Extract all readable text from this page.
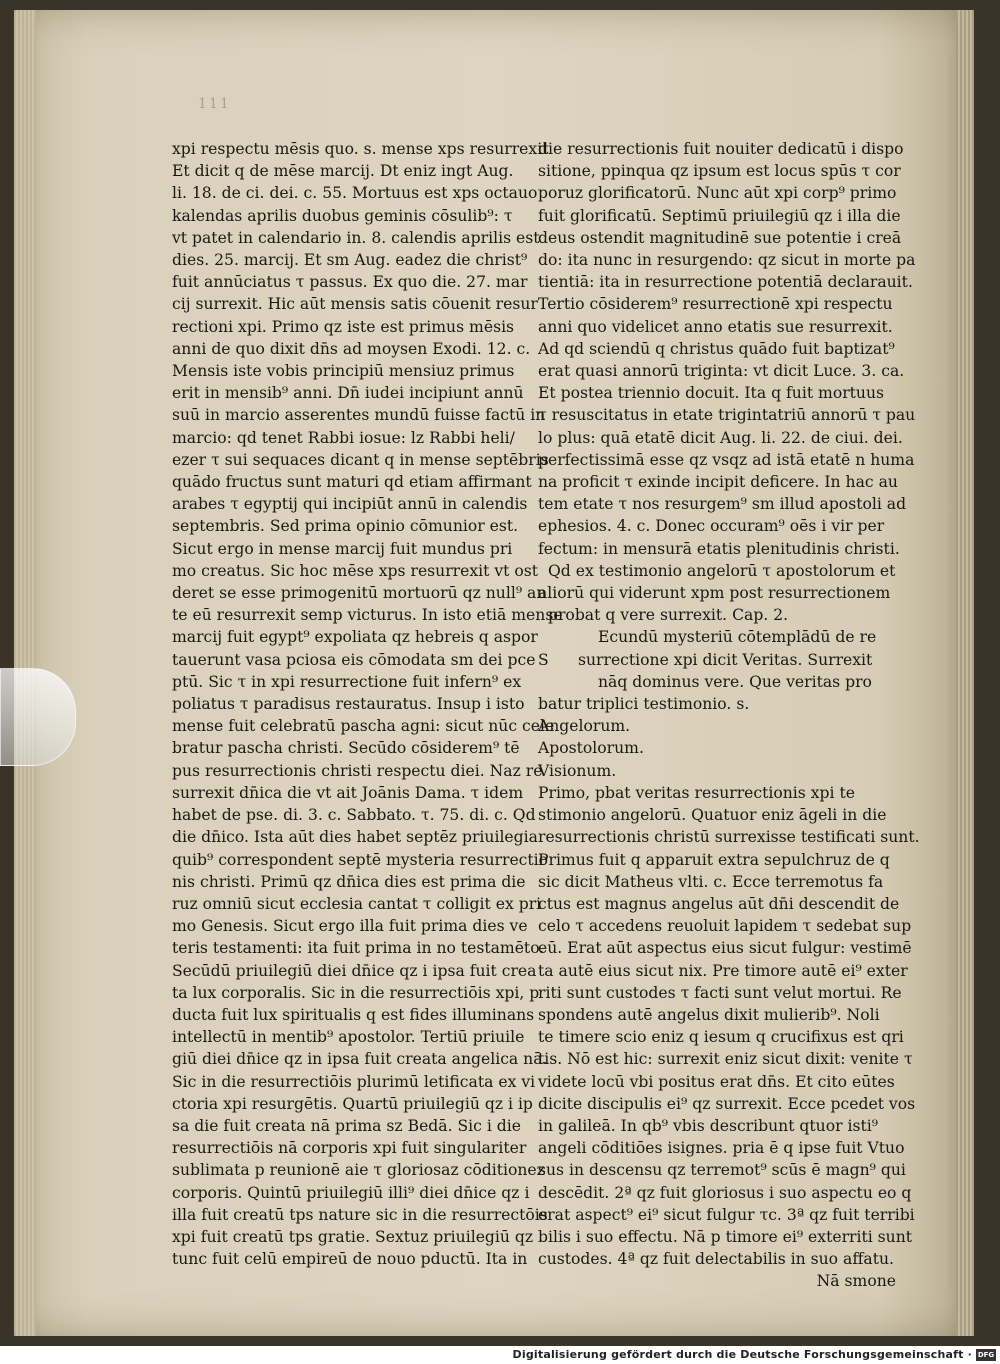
111
xpi respectu mēsis quo. s. mense xps resurrexit
Et dicit q de mēse marcij. Dt eniz ingt Aug.
li. 18. de ci. dei. c. 55. Mortuus est xps octauo
kalendas aprilis duobus geminis cōsulib⁹: τ
vt patet in calendario in. 8. calendis aprilis est
dies. 25. marcij. Et sm Aug. eadez die christ⁹
fuit annūciatus τ passus. Ex quo die. 27. mar
cij surrexit. Hic aūt mensis satis cōuenit resur
rectioni xpi. Primo qz iste est primus mēsis
anni de quo dixit dn̄s ad moysen Exodi. 12. c.
Mensis iste vobis principiū mensiuz primus
erit in mensib⁹ anni. Dn̄ iudei incipiunt annū
suū in marcio asserentes mundū fuisse factū in
marcio: qd tenet Rabbi iosue: lz Rabbi heli/
ezer τ sui sequaces dicant q in mense septēbris
quādo fructus sunt maturi qd etiam affirmant
arabes τ egyptij qui incipiūt annū in calendis
septembris. Sed prima opinio cōmunior est.
Sicut ergo in mense marcij fuit mundus pri
mo creatus. Sic hoc mēse xps resurrexit vt ost
deret se esse primogenitū mortuorū qz null⁹ an
te eū resurrexit semp victurus. In isto etiā mense
marcij fuit egypt⁹ expoliata qz hebreis q aspor
tauerunt vasa pciosa eis cōmodata sm dei pce
ptū. Sic τ in xpi resurrectione fuit infern⁹ ex
poliatus τ paradisus restauratus. Insup i isto
mense fuit celebratū pascha agni: sicut nūc cele
bratur pascha christi. Secūdo cōsiderem⁹ tē
pus resurrectionis christi respectu diei. Naz re
surrexit dn̄ica die vt ait Joānis Dama. τ idem
habet de pse. di. 3. c. Sabbato. τ. 75. di. c. Qd
die dn̄ico. Ista aūt dies habet septēz priuilegia
quib⁹ correspondent septē mysteria resurrectio
nis christi. Primū qz dn̄ica dies est prima die
ruz omniū sicut ecclesia cantat τ colligit ex pri
mo Genesis. Sicut ergo illa fuit prima dies ve
teris testamenti: ita fuit prima in no testamēto.
Secūdū priuilegiū diei dn̄ice qz i ipsa fuit crea
ta lux corporalis. Sic in die resurrectiōis xpi, p
ducta fuit lux spiritualis q est fides illuminans
intellectū in mentib⁹ apostolor. Tertiū priuile
giū diei dn̄ice qz in ipsa fuit creata angelica nā.
Sic in die resurrectiōis plurimū letificata ex vi
ctoria xpi resurgētis. Quartū priuilegiū qz i ip
sa die fuit creata nā prima sz Bedā. Sic i die
resurrectiōis nā corporis xpi fuit singulariter
sublimata p reunionē aie τ gloriosaz cōditionez
corporis. Quintū priuilegiū illi⁹ diei dn̄ice qz i
illa fuit creatū tps nature sic in die resurrectōis
xpi fuit creatū tps gratie. Sextuz priuilegiū qz
tunc fuit celū empireū de nouo pductū. Ita in
die resurrectionis fuit nouiter dedicatū i dispo
sitione, ppinqua qz ipsum est locus spūs τ cor
poruz glorificatorū. Nunc aūt xpi corp⁹ primo
fuit glorificatū. Septimū priuilegiū qz i illa die
deus ostendit magnitudinē sue potentie i creā
do: ita nunc in resurgendo: qz sicut in morte pa
tientiā: ita in resurrectione potentiā declarauit.
Tertio cōsiderem⁹ resurrectionē xpi respectu
anni quo videlicet anno etatis sue resurrexit.
Ad qd sciendū q christus quādo fuit baptizat⁹
erat quasi annorū triginta: vt dicit Luce. 3. ca.
Et postea triennio docuit. Ita q fuit mortuus
τ resuscitatus in etate trigintatriū annorū τ pau
lo plus: quā etatē dicit Aug. li. 22. de ciui. dei.
perfectissimā esse qz vsqz ad istā etatē n huma
na proficit τ exinde incipit deficere. In hac au
tem etate τ nos resurgem⁹ sm illud apostoli ad
ephesios. 4. c. Donec occuram⁹ oēs i vir per
fectum: in mensurā etatis plenitudinis christi.
Qd ex testimonio angelorū τ apostolorum et
aliorū qui viderunt xpm post resurrectionem
probat q vere surrexit. Cap. 2.
Ecundū mysteriū cōtemplādū de re
S surrectione xpi dicit Veritas. Surrexit
nāq dominus vere. Que veritas pro
batur triplici testimonio. s.
Angelorum.
Apostolorum.
Visionum.
Primo, pbat veritas resurrectionis xpi te
stimonio angelorū. Quatuor eniz āgeli in die
resurrectionis christū surrexisse testificati sunt.
Primus fuit q apparuit extra sepulchruz de q
sic dicit Matheus vlti. c. Ecce terremotus fa
ctus est magnus angelus aūt dn̄i descendit de
celo τ accedens reuoluit lapidem τ sedebat sup
eū. Erat aūt aspectus eius sicut fulgur: vestimē
ta autē eius sicut nix. Pre timore autē ei⁹ exter
riti sunt custodes τ facti sunt velut mortui. Re
spondens autē angelus dixit mulierib⁹. Noli
te timere scio eniz q iesum q crucifixus est qri
tis. Nō est hic: surrexit eniz sicut dixit: venite τ
videte locū vbi positus erat dn̄s. Et cito eūtes
dicite discipulis ei⁹ qz surrexit. Ecce pcedet vos
in galileā. In qb⁹ vbis describunt qtuor isti⁹
angeli cōditiōes isignes. pria ē q ipse fuit Vtuo
sus in descensu qz terremot⁹ scūs ē magn⁹ qui
descēdit. 2ª qz fuit gloriosus i suo aspectu eo q
erat aspect⁹ ei⁹ sicut fulgur τc. 3ª qz fuit terribi
bilis i suo effectu. Nā p timore ei⁹ exterriti sunt
custodes. 4ª qz fuit delectabilis in suo affatu.
Nā smone
Digitalisierung gefördert durch die Deutsche Forschungsgemeinschaft · DFG
